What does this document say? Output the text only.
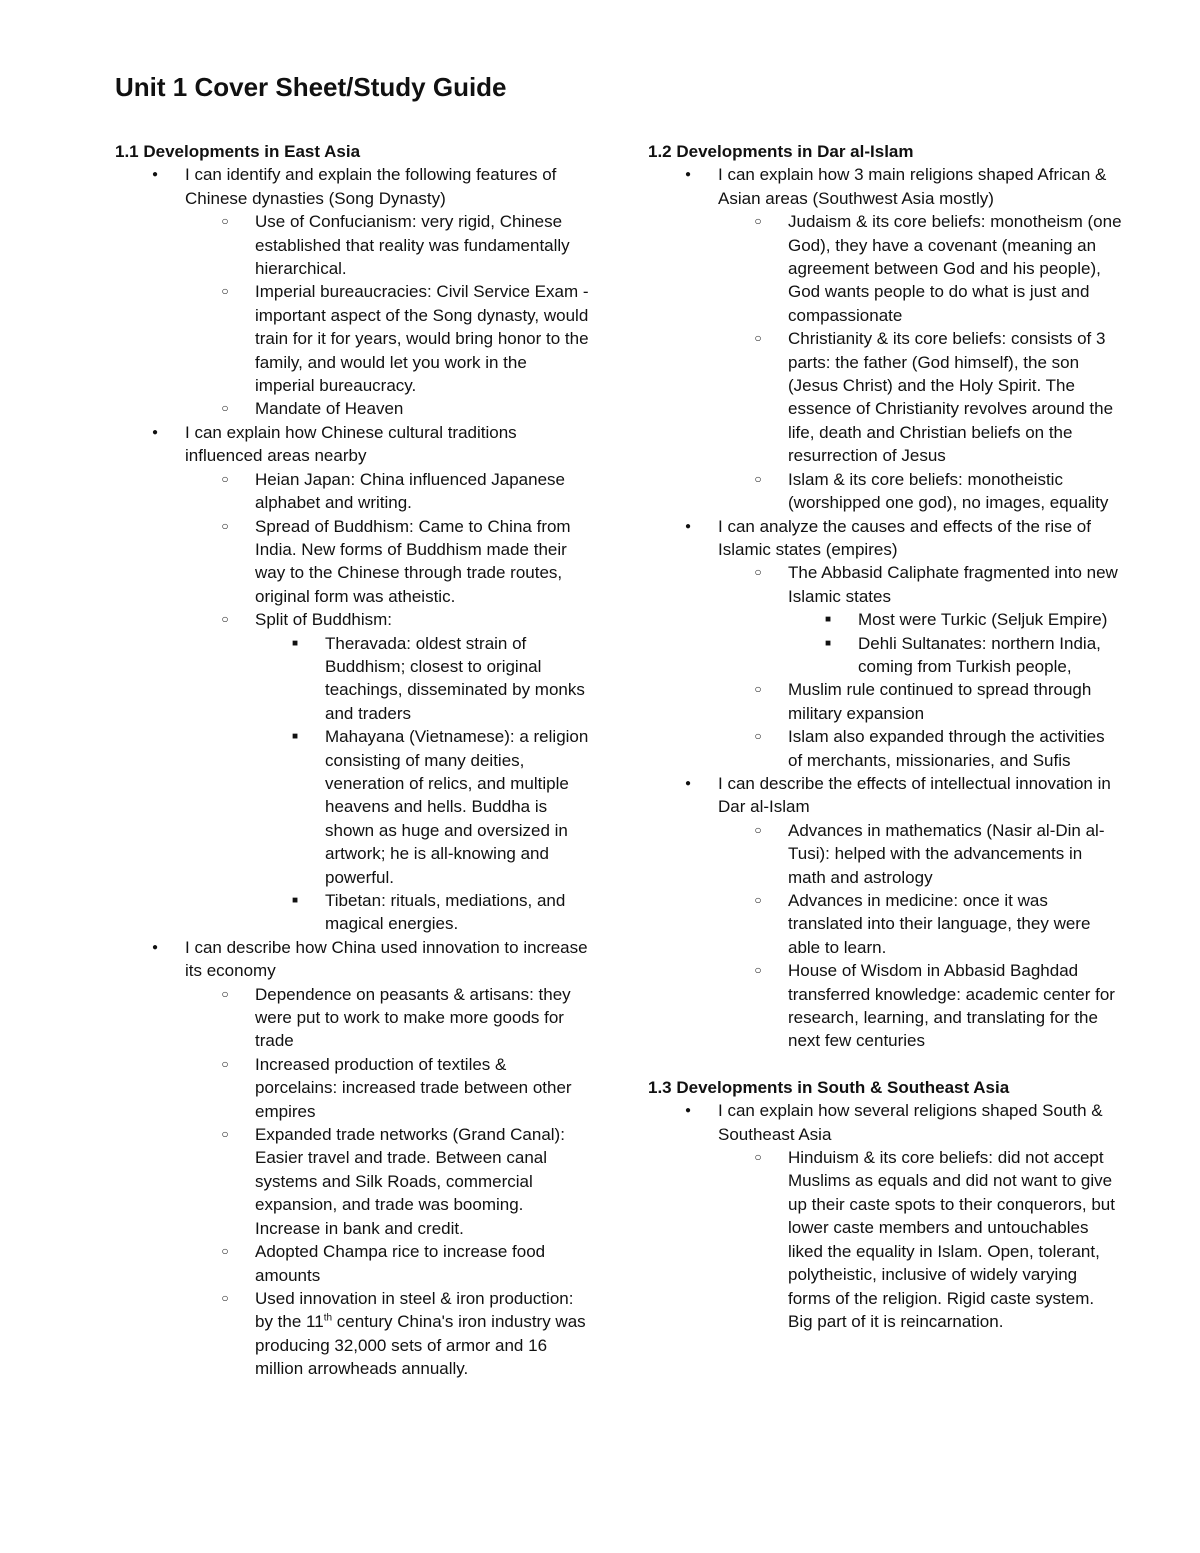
Unit 1 Cover Sheet/Study Guide

1.1 Developments in East Asia

●	I can identify and explain the following features of Chinese dynasties (Song Dynasty)
○	Use of Confucianism: very rigid, Chinese established that reality was fundamentally hierarchical.
○	Imperial bureaucracies: Civil Service Exam - important aspect of the Song dynasty, would train for it for years, would bring honor to the family, and would let you work in the imperial bureaucracy.
○	Mandate of Heaven
●	I can explain how Chinese cultural traditions influenced areas nearby
○	Heian Japan: China influenced Japanese alphabet and writing.
○	Spread of Buddhism: Came to China from India. New forms of Buddhism made their way to the Chinese through trade routes, original form was atheistic.
○	Split of Buddhism:
■	Theravada: oldest strain of Buddhism; closest to original teachings, disseminated by monks and traders
■	Mahayana (Vietnamese): a religion consisting of many deities, veneration of relics, and multiple heavens and hells. Buddha is shown as huge and oversized in artwork; he is all-knowing and powerful.
■	Tibetan: rituals, mediations, and magical energies.
●	I can describe how China used innovation to increase its economy
○	Dependence on peasants & artisans: they were put to work to make more goods for trade
○	Increased production of textiles & porcelains: increased trade between other empires
○	Expanded trade networks (Grand Canal): Easier travel and trade. Between canal systems and Silk Roads, commercial expansion, and trade was booming. Increase in bank and credit.
○	Adopted Champa rice to increase food amounts
○	Used innovation in steel & iron production: by the 11th century China's iron industry was producing 32,000 sets of armor and 16 million arrowheads annually.

1.2 Developments in Dar al-Islam

●	I can explain how 3 main religions shaped African & Asian areas (Southwest Asia mostly)
○	Judaism & its core beliefs: monotheism (one God), they have a covenant (meaning an agreement between God and his people), God wants people to do what is just and compassionate
○	Christianity & its core beliefs: consists of 3 parts: the father (God himself), the son (Jesus Christ) and the Holy Spirit. The essence of Christianity revolves around the life, death and Christian beliefs on the resurrection of Jesus
○	Islam & its core beliefs: monotheistic (worshipped one god), no images, equality
●	I can analyze the causes and effects of the rise of Islamic states (empires)
○	The Abbasid Caliphate fragmented into new Islamic states
■	Most were Turkic (Seljuk Empire)
■	Dehli Sultanates: northern India, coming from Turkish people,
○	Muslim rule continued to spread through military expansion
○	Islam also expanded through the activities of merchants, missionaries, and Sufis
●	I can describe the effects of intellectual innovation in Dar al-Islam
○	Advances in mathematics (Nasir al-Din al-Tusi): helped with the advancements in math and astrology
○	Advances in medicine: once it was translated into their language, they were able to learn.
○	House of Wisdom in Abbasid Baghdad transferred knowledge: academic center for research, learning, and translating for the next few centuries

1.3 Developments in South & Southeast Asia

●	I can explain how several religions shaped South & Southeast Asia
○	Hinduism & its core beliefs: did not accept Muslims as equals and did not want to give up their caste spots to their conquerors, but lower caste members and untouchables liked the equality in Islam. Open, tolerant, polytheistic, inclusive of widely varying forms of the religion. Rigid caste system. Big part of it is reincarnation.
